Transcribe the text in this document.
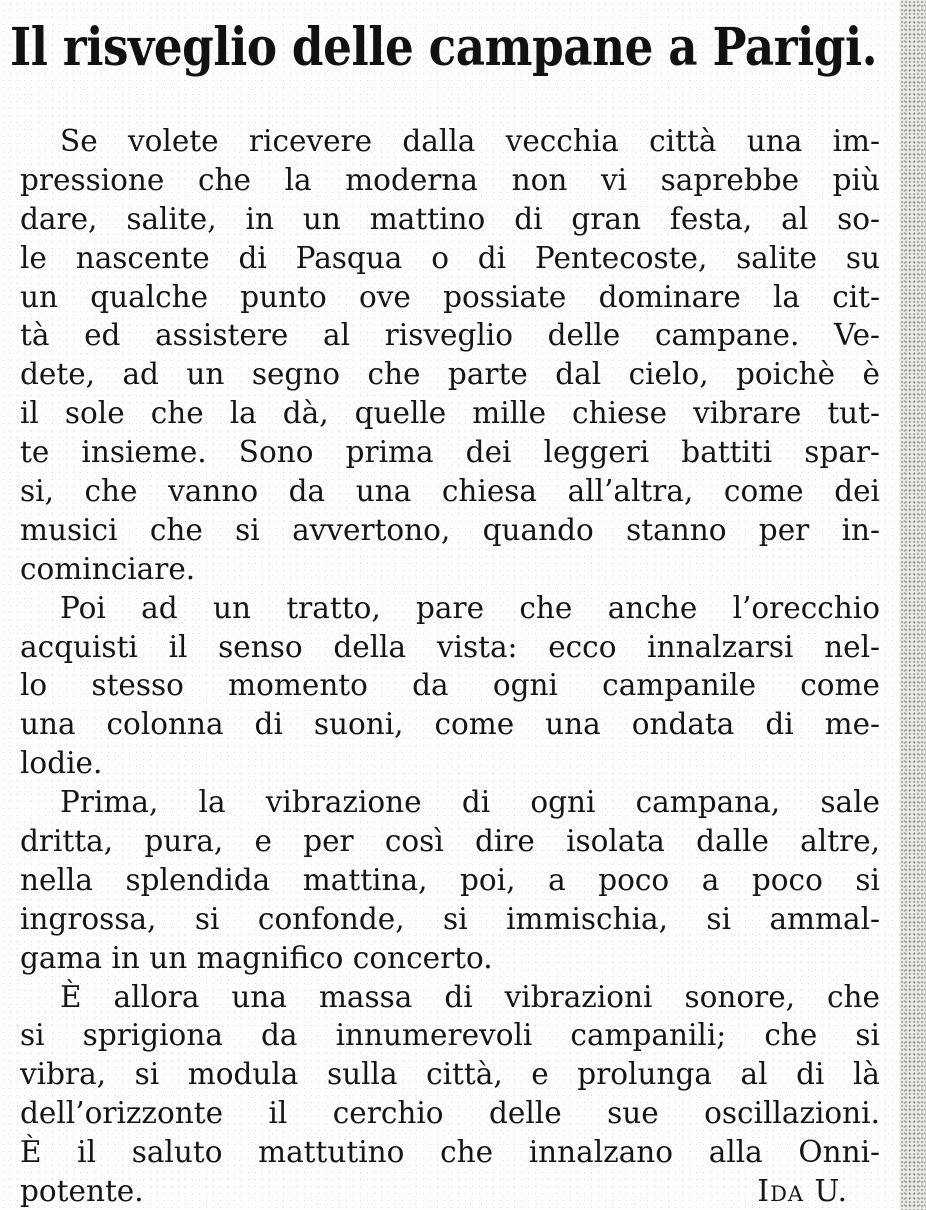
Il risveglio delle campane a Parigi.
Se volete ricevere dalla vecchia città una im-
pressione che la moderna non vi saprebbe più
dare, salite, in un mattino di gran festa, al so-
le nascente di Pasqua o di Pentecoste, salite su
un qualche punto ove possiate dominare la cit-
tà ed assistere al risveglio delle campane. Ve-
dete, ad un segno che parte dal cielo, poichè è
il sole che la dà, quelle mille chiese vibrare tut-
te insieme. Sono prima dei leggeri battiti spar-
si, che vanno da una chiesa all’altra, come dei
musici che si avvertono, quando stanno per in-
cominciare.
Poi ad un tratto, pare che anche l’orecchio
acquisti il senso della vista: ecco innalzarsi nel-
lo stesso momento da ogni campanile come
una colonna di suoni, come una ondata di me-
lodie.
Prima, la vibrazione di ogni campana, sale
dritta, pura, e per così dire isolata dalle altre,
nella splendida mattina, poi, a poco a poco si
ingrossa, si confonde, si immischia, si ammal-
gama in un magnifico concerto.
È allora una massa di vibrazioni sonore, che
si sprigiona da innumerevoli campanili; che si
vibra, si modula sulla città, e prolunga al di là
dell’orizzonte il cerchio delle sue oscillazioni.
È il saluto mattutino che innalzano alla Onni-
potente.	Ida U.
